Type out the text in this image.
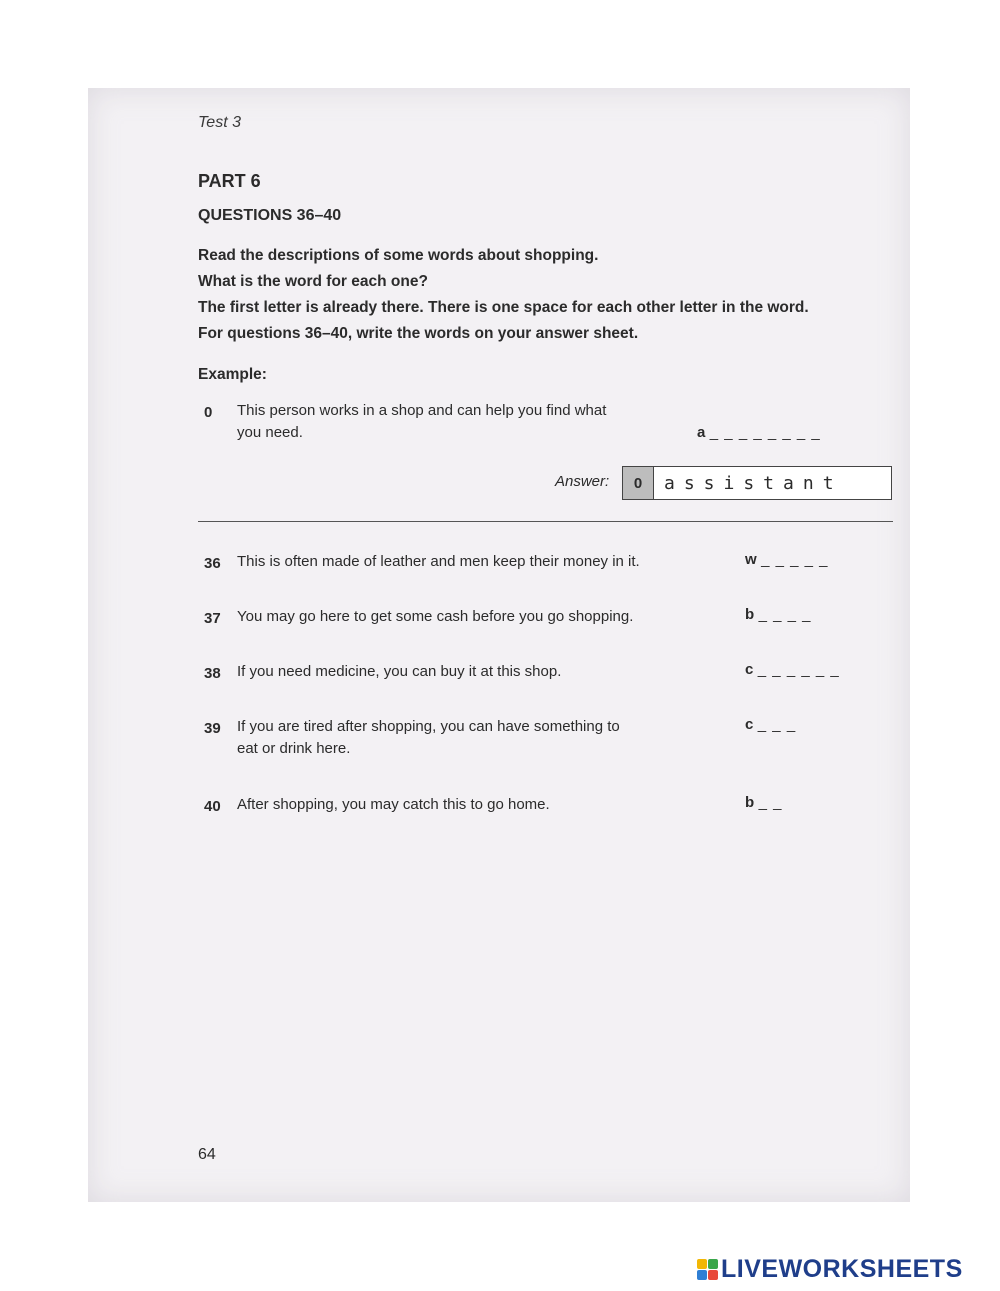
Test 3
PART 6
QUESTIONS 36–40
Read the descriptions of some words about shopping.
What is the word for each one?
The first letter is already there. There is one space for each other letter in the word.
For questions 36–40, write the words on your answer sheet.
Example:
0 This person works in a shop and can help you find what
you need.	a _ _ _ _ _ _ _ _
Answer:	0	assistant
36 This is often made of leather and men keep their money in it.	w _ _ _ _ _
37 You may go here to get some cash before you go shopping.	b _ _ _ _
38 If you need medicine, you can buy it at this shop.	c _ _ _ _ _ _
39 If you are tired after shopping, you can have something to
eat or drink here.
c _ _ _
40 After shopping, you may catch this to go home.	b _ _
64
LIVEWORKSHEETS
